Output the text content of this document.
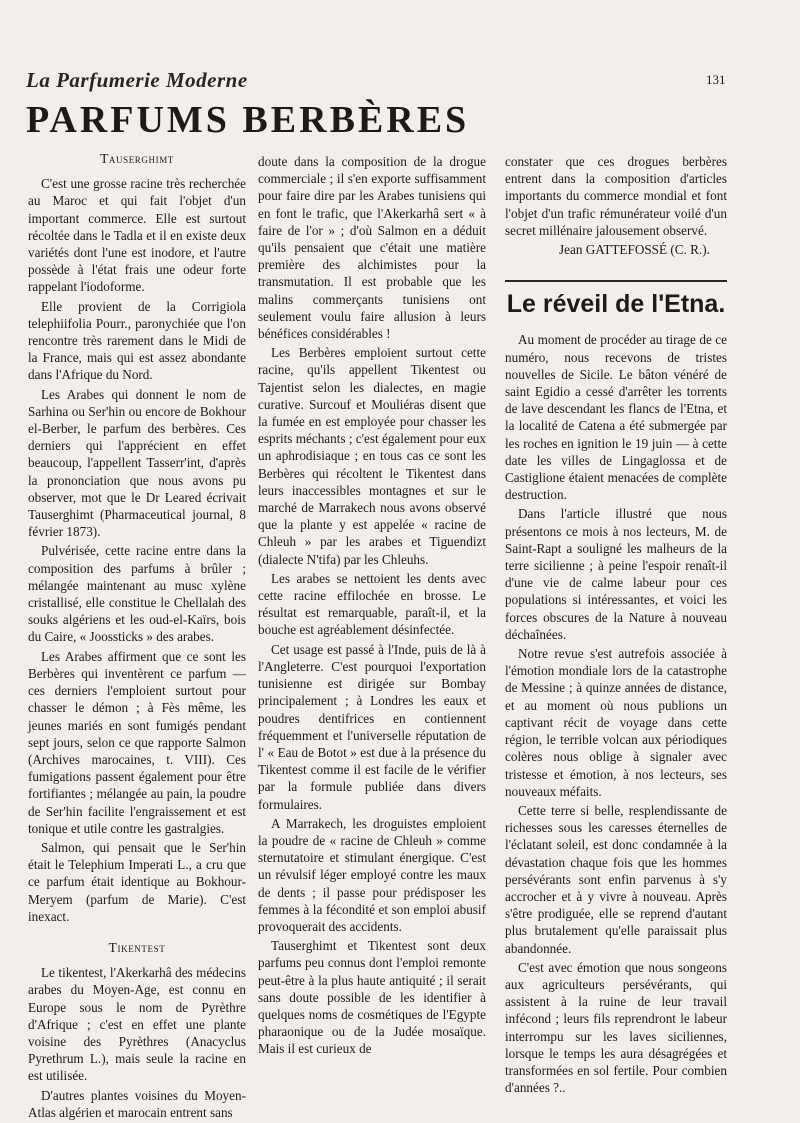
La Parfumerie Moderne	131
PARFUMS BERBÈRES
Tauserghimt

C'est une grosse racine très recherchée au Maroc et qui fait l'objet d'un important commerce. Elle est surtout récoltée dans le Tadla et il en existe deux variétés dont l'une est inodore, et l'autre possède à l'état frais une odeur forte rappelant l'iodoforme.

Elle provient de la Corrigiola telephiifolia Pourr., paronychiée que l'on rencontre très rarement dans le Midi de la France, mais qui est assez abondante dans l'Afrique du Nord.

Les Arabes qui donnent le nom de Sarhina ou Ser'hin ou encore de Bokhour el-Berber, le parfum des berbères. Ces derniers qui l'apprécient en effet beaucoup, l'appellent Tasserr'int, d'après la prononciation que nous avons pu observer, mot que le Dr Leared écrivait Tauserghimt (Pharmaceutical journal, 8 février 1873).

Pulvérisée, cette racine entre dans la composition des parfums à brûler ; mélangée maintenant au musc xylène cristallisé, elle constitue le Chellalah des souks algériens et les oud-el-Kaïrs, bois du Caire, « Joossticks » des arabes.

Les Arabes affirment que ce sont les Berbères qui inventèrent ce parfum — ces derniers l'emploient surtout pour chasser le démon ; à Fès même, les jeunes mariés en sont fumigés pendant sept jours, selon ce que rapporte Salmon (Archives marocaines, t. VIII). Ces fumigations passent également pour être fortifiantes ; mélangée au pain, la poudre de Ser'hin facilite l'engraissement et est tonique et utile contre les gastralgies.

Salmon, qui pensait que le Ser'hin était le Telephium Imperati L., a cru que ce parfum était identique au Bokhour-Meryem (parfum de Marie). C'est inexact.

Tikentest

Le tikentest, l'Akerkarhâ des médecins arabes du Moyen-Age, est connu en Europe sous le nom de Pyrèthre d'Afrique ; c'est en effet une plante voisine des Pyrèthres (Anacyclus Pyrethrum L.), mais seule la racine en est utilisée.

D'autres plantes voisines du Moyen-Atlas algérien et marocain entrent sans

doute dans la composition de la drogue commerciale ; il s'en exporte suffisamment pour faire dire par les Arabes tunisiens qui en font le trafic, que l'Akerkarhâ sert « à faire de l'or » ; d'où Salmon en a déduit qu'ils pensaient que c'était une matière première des alchimistes pour la transmutation. Il est probable que les malins commerçants tunisiens ont seulement voulu faire allusion à leurs bénéfices considérables !

Les Berbères emploient surtout cette racine, qu'ils appellent Tikentest ou Tajentist selon les dialectes, en magie curative. Surcouf et Mouliéras disent que la fumée en est employée pour chasser les esprits méchants ; c'est également pour eux un aphrodisiaque ; en tous cas ce sont les Berbères qui récoltent le Tikentest dans leurs inaccessibles montagnes et sur le marché de Marrakech nous avons observé que la plante y est appelée « racine de Chleuh » par les arabes et Tiguendizt (dialecte N'tifa) par les Chleuhs.

Les arabes se nettoient les dents avec cette racine effilochée en brosse. Le résultat est remarquable, paraît-il, et la bouche est agréablement désinfectée.

Cet usage est passé à l'Inde, puis de là à l'Angleterre. C'est pourquoi l'exportation tunisienne est dirigée sur Bombay principalement ; à Londres les eaux et poudres dentifrices en contiennent fréquemment et l'universelle réputation de l' « Eau de Botot » est due à la présence du Tikentest comme il est facile de le vérifier par la formule publiée dans divers formulaires.

A Marrakech, les droguistes emploient la poudre de « racine de Chleuh » comme sternutatoire et stimulant énergique. C'est un révulsif léger employé contre les maux de dents ; il passe pour prédisposer les femmes à la fécondité et son emploi abusif provoquerait des accidents.

Tauserghimt et Tikentest sont deux parfums peu connus dont l'emploi remonte peut-être à la plus haute antiquité ; il serait sans doute possible de les identifier à quelques noms de cosmétiques de l'Egypte pharaonique ou de la Judée mosaïque. Mais il est curieux de

constater que ces drogues berbères entrent dans la composition d'articles importants du commerce mondial et font l'objet d'un trafic rémunérateur voilé d'un secret millénaire jalousement observé.

Jean GATTEFOSSÉ (C. R.).

Le réveil de l'Etna.

Au moment de procéder au tirage de ce numéro, nous recevons de tristes nouvelles de Sicile. Le bâton vénéré de saint Egidio a cessé d'arrêter les torrents de lave descendant les flancs de l'Etna, et la localité de Catena a été submergée par les roches en ignition le 19 juin — à cette date les villes de Lingaglossa et de Castiglione étaient menacées de complète destruction.

Dans l'article illustré que nous présentons ce mois à nos lecteurs, M. de Saint-Rapt a souligné les malheurs de la terre sicilienne ; à peine l'espoir renaît-il d'une vie de calme labeur pour ces populations si intéressantes, et voici les forces obscures de la Nature à nouveau déchaînées.

Notre revue s'est autrefois associée à l'émotion mondiale lors de la catastrophe de Messine ; à quinze années de distance, et au moment où nous publions un captivant récit de voyage dans cette région, le terrible volcan aux périodiques colères nous oblige à signaler avec tristesse et émotion, à nos lecteurs, ses nouveaux méfaits.

Cette terre si belle, resplendissante de richesses sous les caresses éternelles de l'éclatant soleil, est donc condamnée à la dévastation chaque fois que les hommes persévérants sont enfin parvenus à s'y accrocher et à y vivre à nouveau. Après s'être prodiguée, elle se reprend d'autant plus brutalement qu'elle paraissait plus abandonnée.

C'est avec émotion que nous songeons aux agriculteurs persévérants, qui assistent à la ruine de leur travail infécond ; leurs fils reprendront le labeur interrompu sur les laves siciliennes, lorsque le temps les aura désagrégées et transformées en sol fertile. Pour combien d'années ?..
